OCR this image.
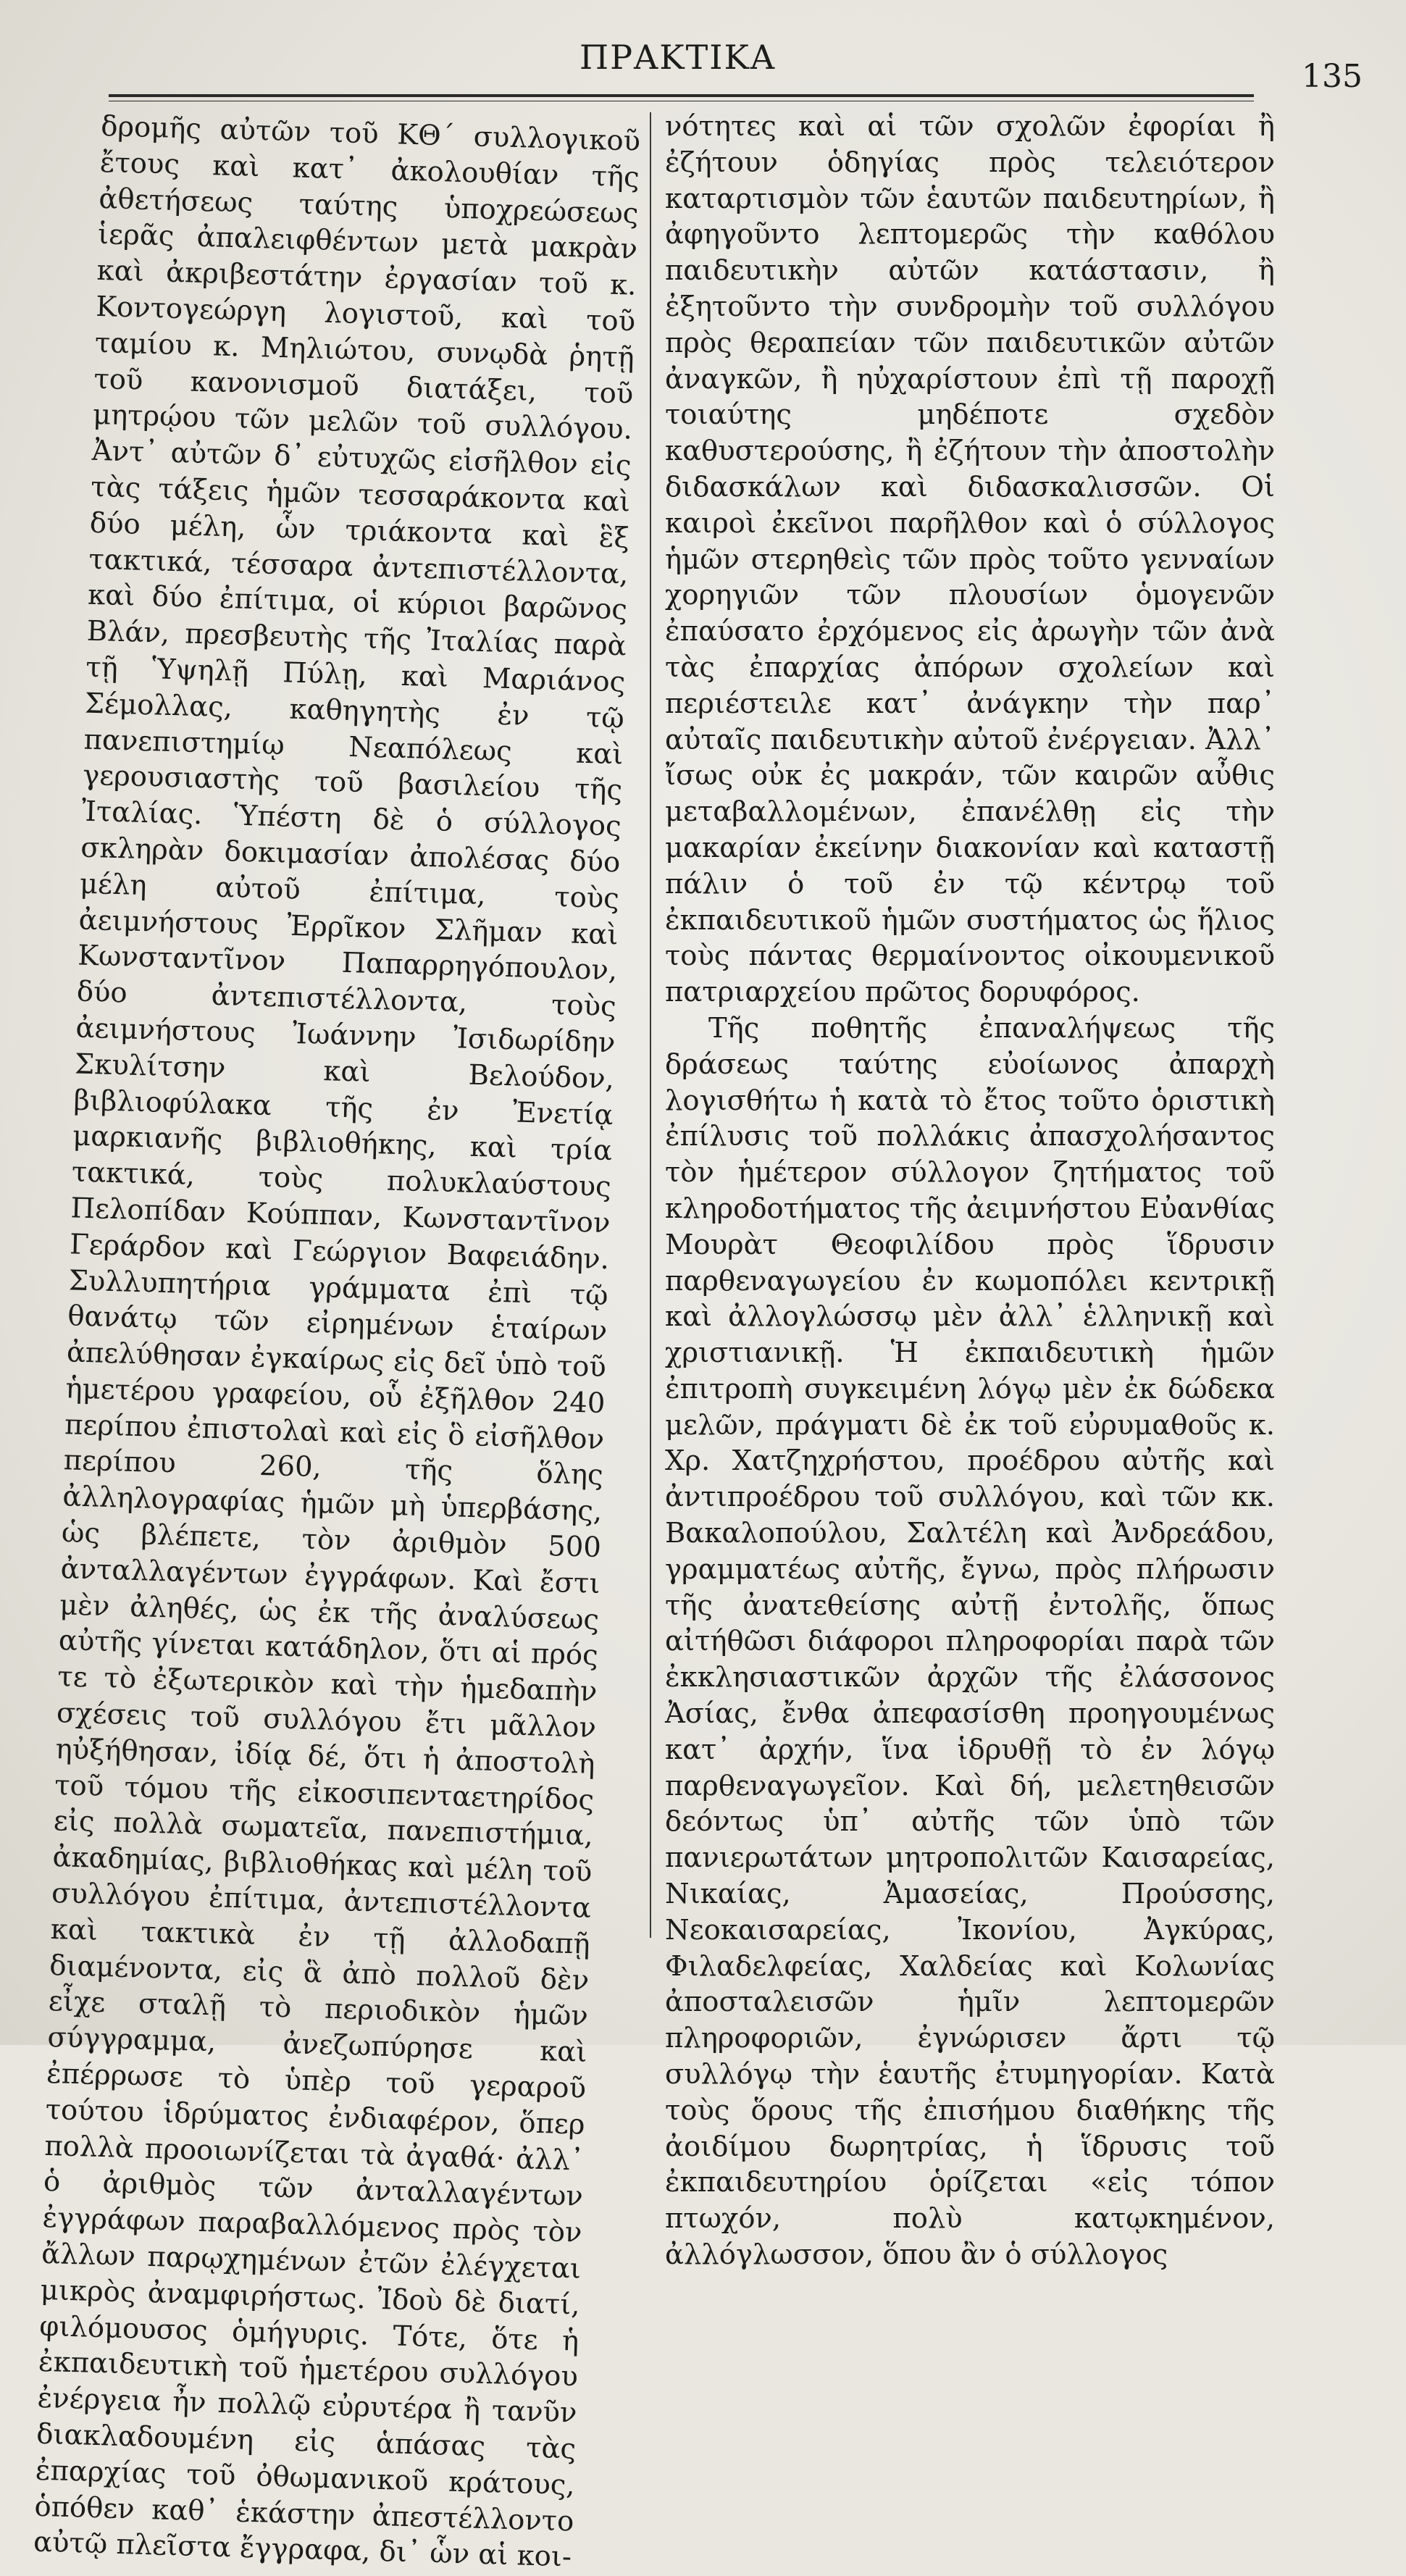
ΠΡΑΚΤΙΚΑ	135

δρομῆς αὐτῶν τοῦ ΚΘ΄ συλλογικοῦ ἔτους καὶ κατ᾿ ἀκολουθίαν τῆς ἀθετήσεως ταύτης ὑποχρεώσεως ἱερᾶς ἀπαλειφθέντων μετὰ μακρὰν καὶ ἀκριβεστάτην ἐργασίαν τοῦ κ. Κοντογεώργη λογιστοῦ, καὶ τοῦ ταμίου κ. Μηλιώτου, συνῳδὰ ῥητῇ τοῦ κανονισμοῦ διατάξει, τοῦ μητρῴου τῶν μελῶν τοῦ συλλόγου. Ἀντ᾿ αὐτῶν δ᾿ εὐτυχῶς εἰσῆλθον εἰς τὰς τάξεις ἡμῶν τεσσαράκοντα καὶ δύο μέλη, ὧν τριάκοντα καὶ ἓξ τακτικά, τέσσαρα ἀντεπιστέλλοντα, καὶ δύο ἐπίτιμα, οἱ κύριοι βαρῶνος Βλάν, πρεσβευτὴς τῆς Ἰταλίας παρὰ τῇ Ὑψηλῇ Πύλῃ, καὶ Μαριάνος Σέμολλας, καθηγητὴς ἐν τῷ πανεπιστημίῳ Νεαπόλεως καὶ γερουσιαστὴς τοῦ βασιλείου τῆς Ἰταλίας. Ὑπέστη δὲ ὁ σύλλογος σκληρὰν δοκιμασίαν ἀπολέσας δύο μέλη αὐτοῦ ἐπίτιμα, τοὺς ἀειμνήστους Ἐρρῖκον Σλῆμαν καὶ Κωνσταντῖνον Παπαρρηγόπουλον, δύο ἀντεπιστέλλοντα, τοὺς ἀειμνήστους Ἰωάννην Ἰσιδωρίδην Σκυλίτσην καὶ Βελούδον, βιβλιοφύλακα τῆς ἐν Ἐνετίᾳ μαρκιανῆς βιβλιοθήκης, καὶ τρία τακτικά, τοὺς πολυκλαύστους Πελοπίδαν Κούππαν, Κωνσταντῖνον Γεράρδον καὶ Γεώργιον Βαφειάδην. Συλλυπητήρια γράμματα ἐπὶ τῷ θανάτῳ τῶν εἰρημένων ἑταίρων ἀπελύθησαν ἐγκαίρως εἰς δεῖ ὑπὸ τοῦ ἡμετέρου γραφείου, οὗ ἐξῆλθον 240 περίπου ἐπιστολαὶ καὶ εἰς ὃ εἰσῆλθον περίπου 260, τῆς ὅλης ἀλληλογραφίας ἡμῶν μὴ ὑπερβάσης, ὡς βλέπετε, τὸν ἀριθμὸν 500 ἀνταλλαγέντων ἐγγράφων. Καὶ ἔστι μὲν ἀληθές, ὡς ἐκ τῆς ἀναλύσεως αὐτῆς γίνεται κατάδηλον, ὅτι αἱ πρός τε τὸ ἐξωτερικὸν καὶ τὴν ἡμεδαπὴν σχέσεις τοῦ συλλόγου ἔτι μᾶλλον ηὐξήθησαν, ἰδίᾳ δέ, ὅτι ἡ ἀποστολὴ τοῦ τόμου τῆς εἰκοσιπενταετηρίδος εἰς πολλὰ σωματεῖα, πανεπιστήμια, ἀκαδημίας, βιβλιοθήκας καὶ μέλη τοῦ συλλόγου ἐπίτιμα, ἀντεπιστέλλοντα καὶ τακτικὰ ἐν τῇ ἀλλοδαπῇ διαμένοντα, εἰς ἃ ἀπὸ πολλοῦ δὲν εἶχε σταλῇ τὸ περιοδικὸν ἡμῶν σύγγραμμα, ἀνεζωπύρησε καὶ ἐπέρρωσε τὸ ὑπὲρ τοῦ γεραροῦ τούτου ἱδρύματος ἐνδιαφέρον, ὅπερ πολλὰ προοιωνίζεται τὰ ἀγαθά· ἀλλ᾿ ὁ ἀριθμὸς τῶν ἀνταλλαγέντων ἐγγράφων παραβαλλόμενος πρὸς τὸν ἄλλων παρῳχημένων ἐτῶν ἐλέγχεται μικρὸς ἀναμφιρήστως. Ἰδοὺ δὲ διατί, φιλόμουσος ὁμήγυρις. Τότε, ὅτε ἡ ἐκπαιδευτικὴ τοῦ ἡμετέρου συλλόγου ἐνέργεια ἦν πολλῷ εὐρυτέρα ἢ τανῦν διακλαδουμένη εἰς ἁπάσας τὰς ἐπαρχίας τοῦ ὀθωμανικοῦ κράτους, ὁπόθεν καθ᾿ ἑκάστην ἀπεστέλλοντο αὐτῷ πλεῖστα ἔγγραφα, δι᾿ ὧν αἱ κοι-

νότητες καὶ αἱ τῶν σχολῶν ἐφορίαι ἢ ἐζήτουν ὁδηγίας πρὸς τελειότερον καταρτισμὸν τῶν ἑαυτῶν παιδευτηρίων, ἢ ἀφηγοῦντο λεπτομερῶς τὴν καθόλου παιδευτικὴν αὐτῶν κατάστασιν, ἢ ἐξητοῦντο τὴν συνδρομὴν τοῦ συλλόγου πρὸς θεραπείαν τῶν παιδευτικῶν αὐτῶν ἀναγκῶν, ἢ ηὐχαρίστουν ἐπὶ τῇ παροχῇ τοιαύτης μηδέποτε σχεδὸν καθυστερούσης, ἢ ἐζήτουν τὴν ἀποστολὴν διδασκάλων καὶ διδασκαλισσῶν. Οἱ καιροὶ ἐκεῖνοι παρῆλθον καὶ ὁ σύλλογος ἡμῶν στερηθεὶς τῶν πρὸς τοῦτο γενναίων χορηγιῶν τῶν πλουσίων ὁμογενῶν ἐπαύσατο ἐρχόμενος εἰς ἀρωγὴν τῶν ἀνὰ τὰς ἐπαρχίας ἀπόρων σχολείων καὶ περιέστειλε κατ᾿ ἀνάγκην τὴν παρ᾿ αὐταῖς παιδευτικὴν αὐτοῦ ἐνέργειαν. Ἀλλ᾿ ἴσως οὐκ ἐς μακράν, τῶν καιρῶν αὖθις μεταβαλλομένων, ἐπανέλθῃ εἰς τὴν μακαρίαν ἐκείνην διακονίαν καὶ καταστῇ πάλιν ὁ τοῦ ἐν τῷ κέντρῳ τοῦ ἐκπαιδευτικοῦ ἡμῶν συστήματος ὡς ἥλιος τοὺς πάντας θερμαίνοντος οἰκουμενικοῦ πατριαρχείου πρῶτος δορυφόρος.

Τῆς ποθητῆς ἐπαναλήψεως τῆς δράσεως ταύτης εὐοίωνος ἀπαρχὴ λογισθήτω ἡ κατὰ τὸ ἔτος τοῦτο ὁριστικὴ ἐπίλυσις τοῦ πολλάκις ἀπασχολήσαντος τὸν ἡμέτερον σύλλογον ζητήματος τοῦ κληροδοτήματος τῆς ἀειμνήστου Εὐανθίας Μουρὰτ Θεοφιλίδου πρὸς ἵδρυσιν παρθεναγωγείου ἐν κωμοπόλει κεντρικῇ καὶ ἀλλογλώσσῳ μὲν ἀλλ᾿ ἑλληνικῇ καὶ χριστιανικῇ. Ἡ ἐκπαιδευτικὴ ἡμῶν ἐπιτροπὴ συγκειμένη λόγῳ μὲν ἐκ δώδεκα μελῶν, πράγματι δὲ ἐκ τοῦ εὐρυμαθοῦς κ. Χρ. Χατζηχρήστου, προέδρου αὐτῆς καὶ ἀντιπροέδρου τοῦ συλλόγου, καὶ τῶν κκ. Βακαλοπούλου, Σαλτέλη καὶ Ἀνδρεάδου, γραμματέως αὐτῆς, ἔγνω, πρὸς πλήρωσιν τῆς ἀνατεθείσης αὐτῇ ἐντολῆς, ὅπως αἰτήθῶσι διάφοροι πληροφορίαι παρὰ τῶν ἐκκλησιαστικῶν ἀρχῶν τῆς ἐλάσσονος Ἀσίας, ἔνθα ἀπεφασίσθη προηγουμένως κατ᾿ ἀρχήν, ἵνα ἱδρυθῇ τὸ ἐν λόγῳ παρθεναγωγεῖον. Καὶ δή, μελετηθεισῶν δεόντως ὑπ᾿ αὐτῆς τῶν ὑπὸ τῶν πανιερωτάτων μητροπολιτῶν Καισαρείας, Νικαίας, Ἀμασείας, Προύσσης, Νεοκαισαρείας, Ἰκονίου, Ἀγκύρας, Φιλαδελφείας, Χαλδείας καὶ Κολωνίας ἀποσταλεισῶν ἡμῖν λεπτομερῶν πληροφοριῶν, ἐγνώρισεν ἄρτι τῷ συλλόγῳ τὴν ἑαυτῆς ἐτυμηγορίαν. Κατὰ τοὺς ὅρους τῆς ἐπισήμου διαθήκης τῆς ἀοιδίμου δωρητρίας, ἡ ἵδρυσις τοῦ ἐκπαιδευτηρίου ὁρίζεται «εἰς τόπον πτωχόν, πολὺ κατῳκημένον, ἀλλόγλωσσον, ὅπου ἂν ὁ σύλλογος
